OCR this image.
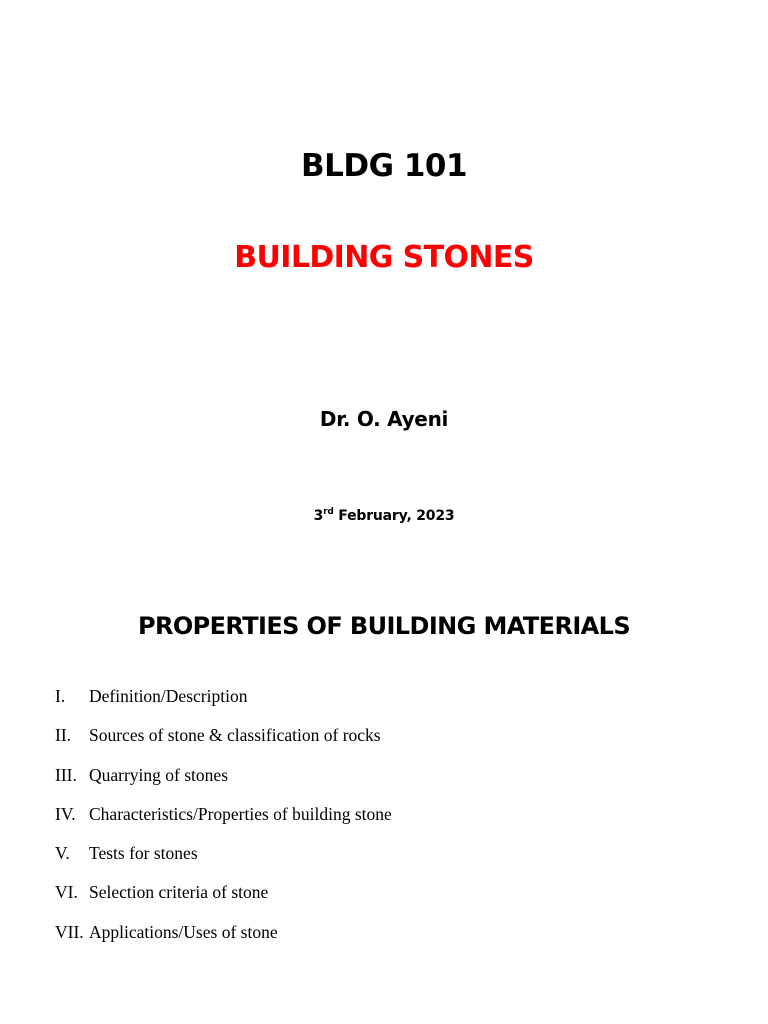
BLDG 101
BUILDING STONES
Dr. O. Ayeni
3rd February, 2023
PROPERTIES OF BUILDING MATERIALS
I. Definition/Description
II. Sources of stone & classification of rocks
III. Quarrying of stones
IV. Characteristics/Properties of building stone
V. Tests for stones
VI. Selection criteria of stone
VII. Applications/Uses of stone
